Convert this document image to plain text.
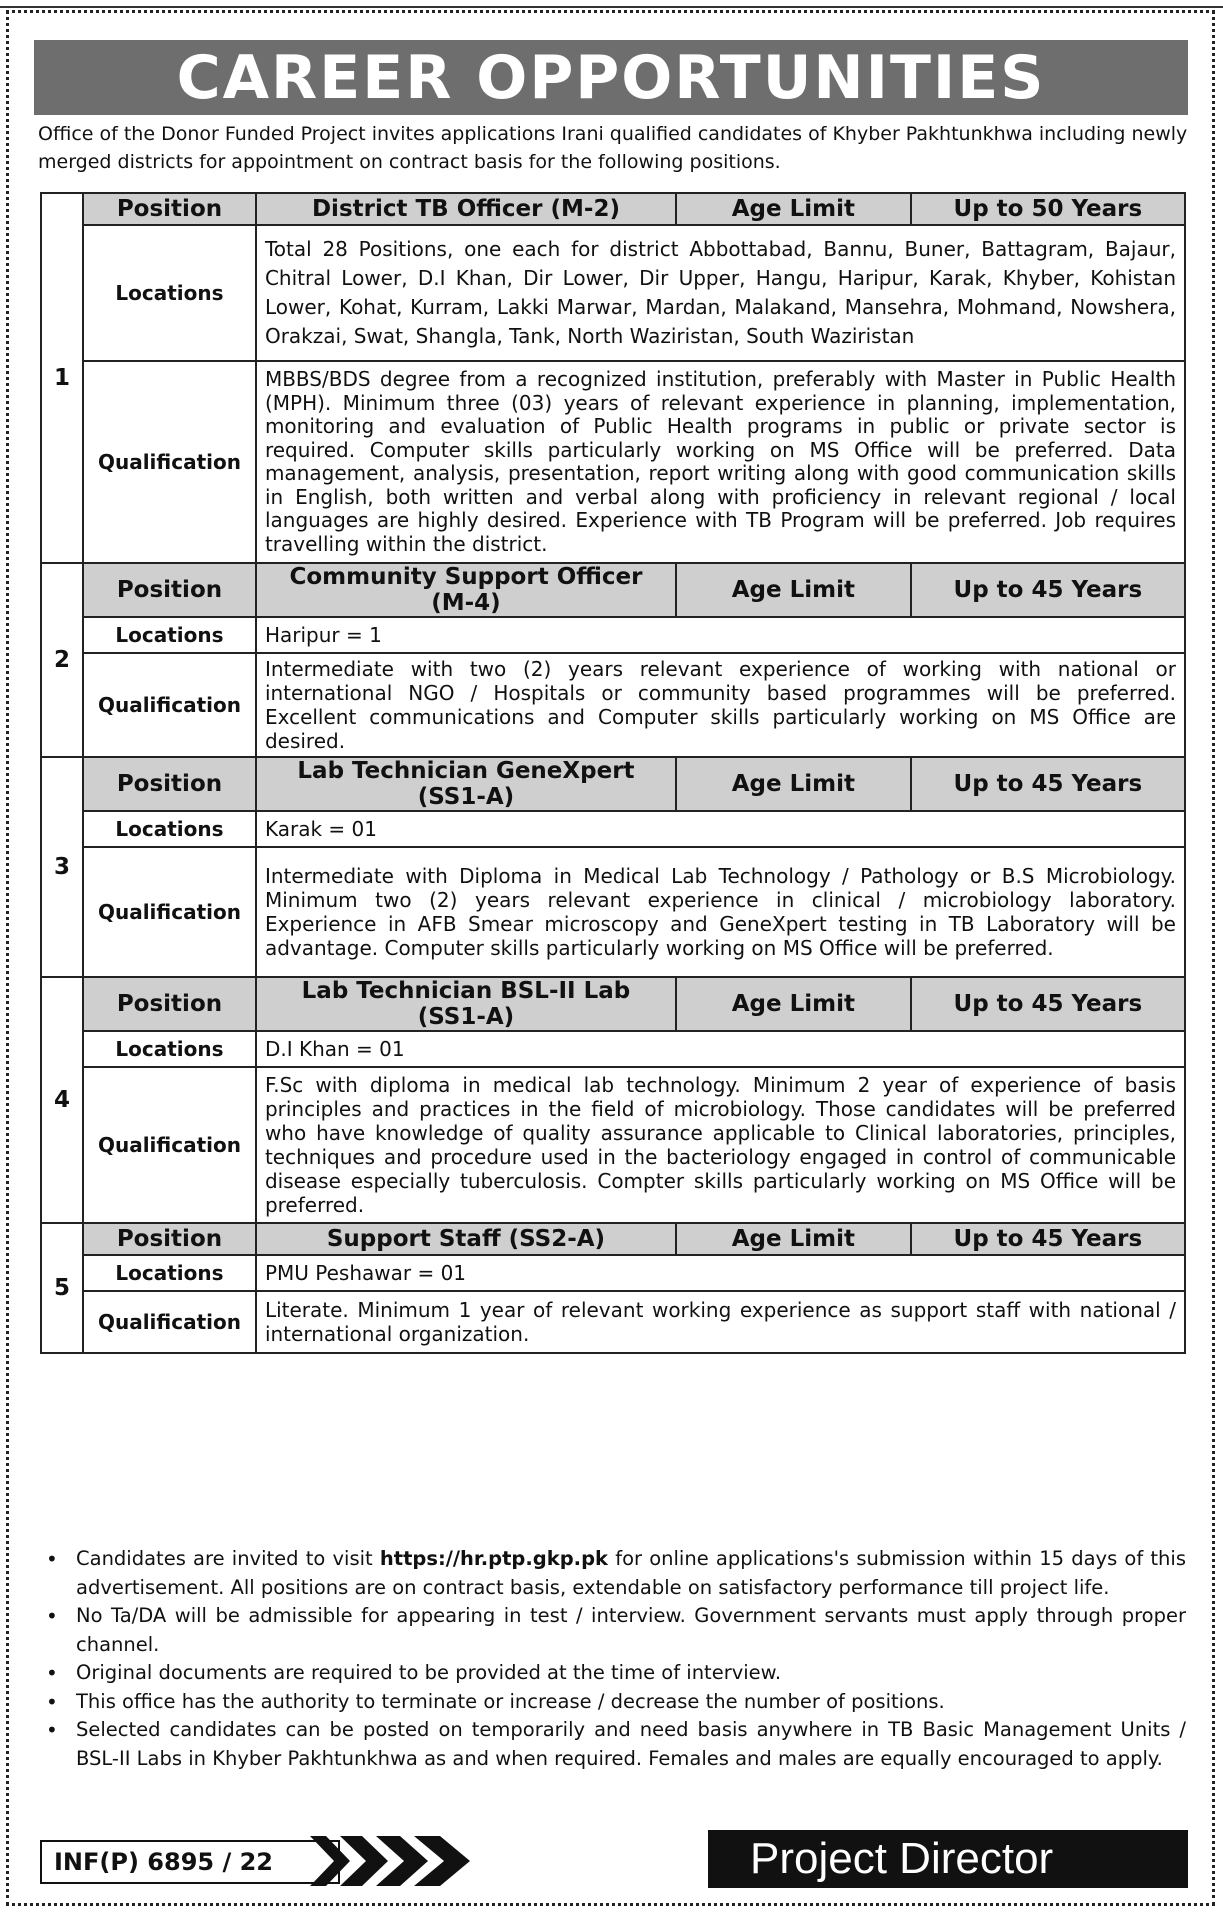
CAREER OPPORTUNITIES
Office of the Donor Funded Project invites applications Irani qualified candidates of Khyber Pakhtunkhwa including newly merged districts for appointment on contract basis for the following positions.
1	Position	District TB Officer (M-2)	Age Limit	Up to 50 Years
	Locations	Total 28 Positions, one each for district Abbottabad, Bannu, Buner, Battagram, Bajaur, Chitral Lower, D.I Khan, Dir Lower, Dir Upper, Hangu, Haripur, Karak, Khyber, Kohistan Lower, Kohat, Kurram, Lakki Marwar, Mardan, Malakand, Mansehra, Mohmand, Nowshera, Orakzai, Swat, Shangla, Tank, North Waziristan, South Waziristan		
	Qualification	MBBS/BDS degree from a recognized institution, preferably with Master in Public Health (MPH). Minimum three (03) years of relevant experience in planning, implementation, monitoring and evaluation of Public Health programs in public or private sector is required. Computer skills particularly working on MS Office will be preferred. Data management, analysis, presentation, report writing along with good communication skills in English, both written and verbal along with proficiency in relevant regional / local languages are highly desired. Experience with TB Program will be preferred. Job requires travelling within the district.		
2	Position	Community Support Officer (M-4)	Age Limit	Up to 45 Years
	Locations	Haripur = 1		
	Qualification	Intermediate with two (2) years relevant experience of working with national or international NGO / Hospitals or community based programmes will be preferred. Excellent communications and Computer skills particularly working on MS Office are desired.		
3	Position	Lab Technician GeneXpert (SS1-A)	Age Limit	Up to 45 Years
	Locations	Karak = 01		
	Qualification	Intermediate with Diploma in Medical Lab Technology / Pathology or B.S Microbiology. Minimum two (2) years relevant experience in clinical / microbiology laboratory. Experience in AFB Smear microscopy and GeneXpert testing in TB Laboratory will be advantage. Computer skills particularly working on MS Office will be preferred.		
4	Position	Lab Technician BSL-II Lab (SS1-A)	Age Limit	Up to 45 Years
	Locations	D.I Khan = 01		
	Qualification	F.Sc with diploma in medical lab technology. Minimum 2 year of experience of basis principles and practices in the field of microbiology. Those candidates will be preferred who have knowledge of quality assurance applicable to Clinical laboratories, principles, techniques and procedure used in the bacteriology engaged in control of communicable disease especially tuberculosis. Compter skills particularly working on MS Office will be preferred.		
5	Position	Support Staff (SS2-A)	Age Limit	Up to 45 Years
	Locations	PMU Peshawar = 01		
	Qualification	Literate. Minimum 1 year of relevant working experience as support staff with national / international organization.		
• Candidates are invited to visit https://hr.ptp.gkp.pk for online applications's submission within 15 days of this advertisement. All positions are on contract basis, extendable on satisfactory performance till project life.
• No Ta/DA will be admissible for appearing in test / interview. Government servants must apply through proper channel.
• Original documents are required to be provided at the time of interview.
• This office has the authority to terminate or increase / decrease the number of positions.
• Selected candidates can be posted on temporarily and need basis anywhere in TB Basic Management Units / BSL-II Labs in Khyber Pakhtunkhwa as and when required. Females and males are equally encouraged to apply.
INF(P) 6895 / 22	Project Director
